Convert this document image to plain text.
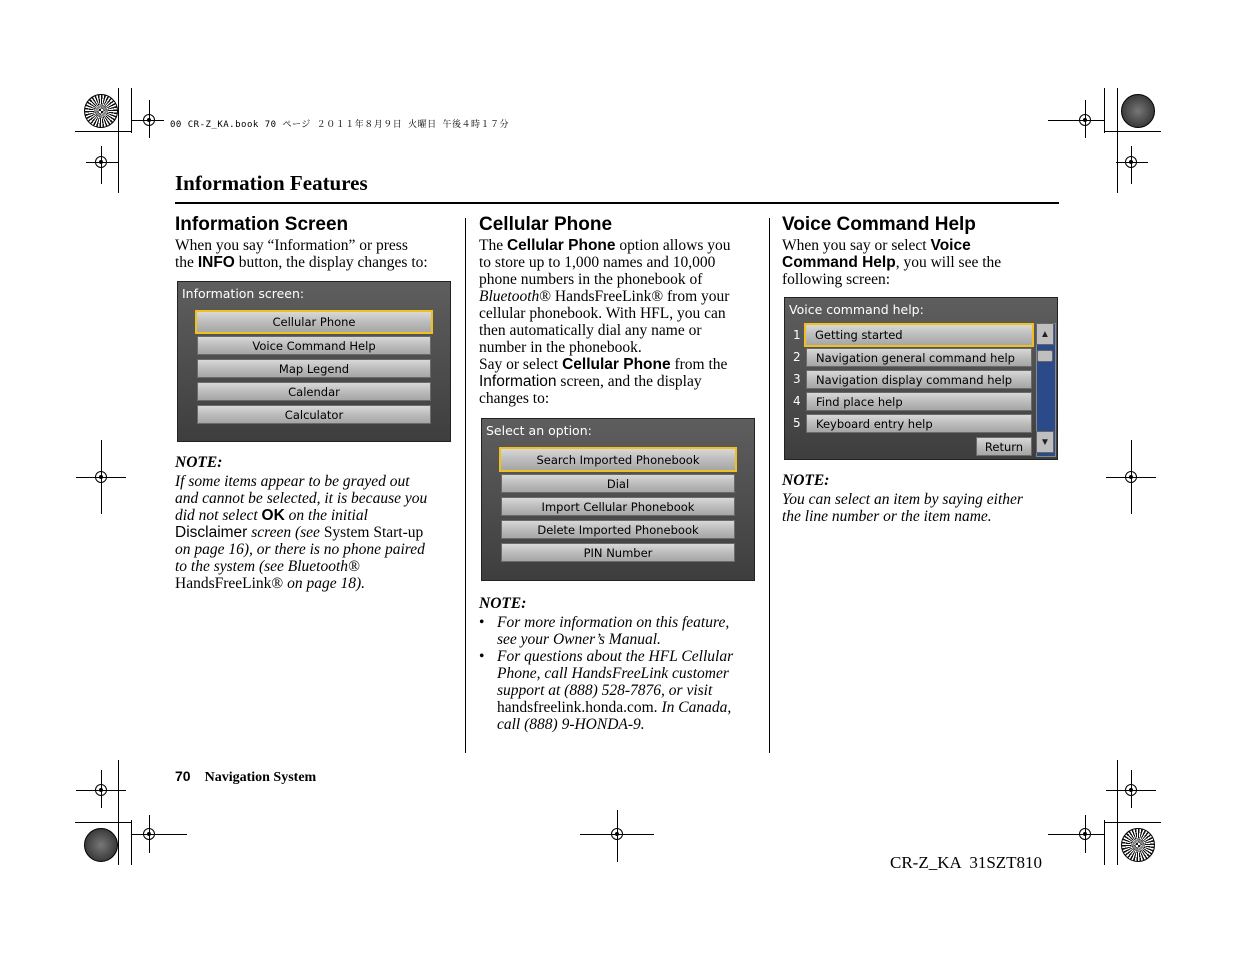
00 CR-Z_KA.book 70 ページ ２０１１年８月９日 火曜日 午後４時１７分
Information Features
Information Screen
When you say “Information” or press
the INFO button, the display changes to:
Information screen:
Cellular Phone
Voice Command Help
Map Legend
Calendar
Calculator
NOTE:
If some items appear to be grayed out
and cannot be selected, it is because you
did not select OK on the initial
Disclaimer screen (see System Start-up
on page 16), or there is no phone paired
to the system (see Bluetooth®
HandsFreeLink® on page 18).
Cellular Phone
The Cellular Phone option allows you
to store up to 1,000 names and 10,000
phone numbers in the phonebook of
Bluetooth® HandsFreeLink® from your
cellular phonebook. With HFL, you can
then automatically dial any name or
number in the phonebook.
Say or select Cellular Phone from the
Information screen, and the display
changes to:
Select an option:
Search Imported Phonebook
Dial
Import Cellular Phonebook
Delete Imported Phonebook
PIN Number
NOTE:
• For more information on this feature,
see your Owner’s Manual.
• For questions about the HFL Cellular
Phone, call HandsFreeLink customer
support at (888) 528-7876, or visit
handsfreelink.honda.com. In Canada,
call (888) 9-HONDA-9.
Voice Command Help
When you say or select Voice
Command Help, you will see the
following screen:
Voice command help:
1	Getting started
2	Navigation general command help
3	Navigation display command help
4	Find place help
5	Keyboard entry help
Return
▲
▼
NOTE:
You can select an item by saying either
the line number or the item name.
70 Navigation System
CR-Z_KA  31SZT810
